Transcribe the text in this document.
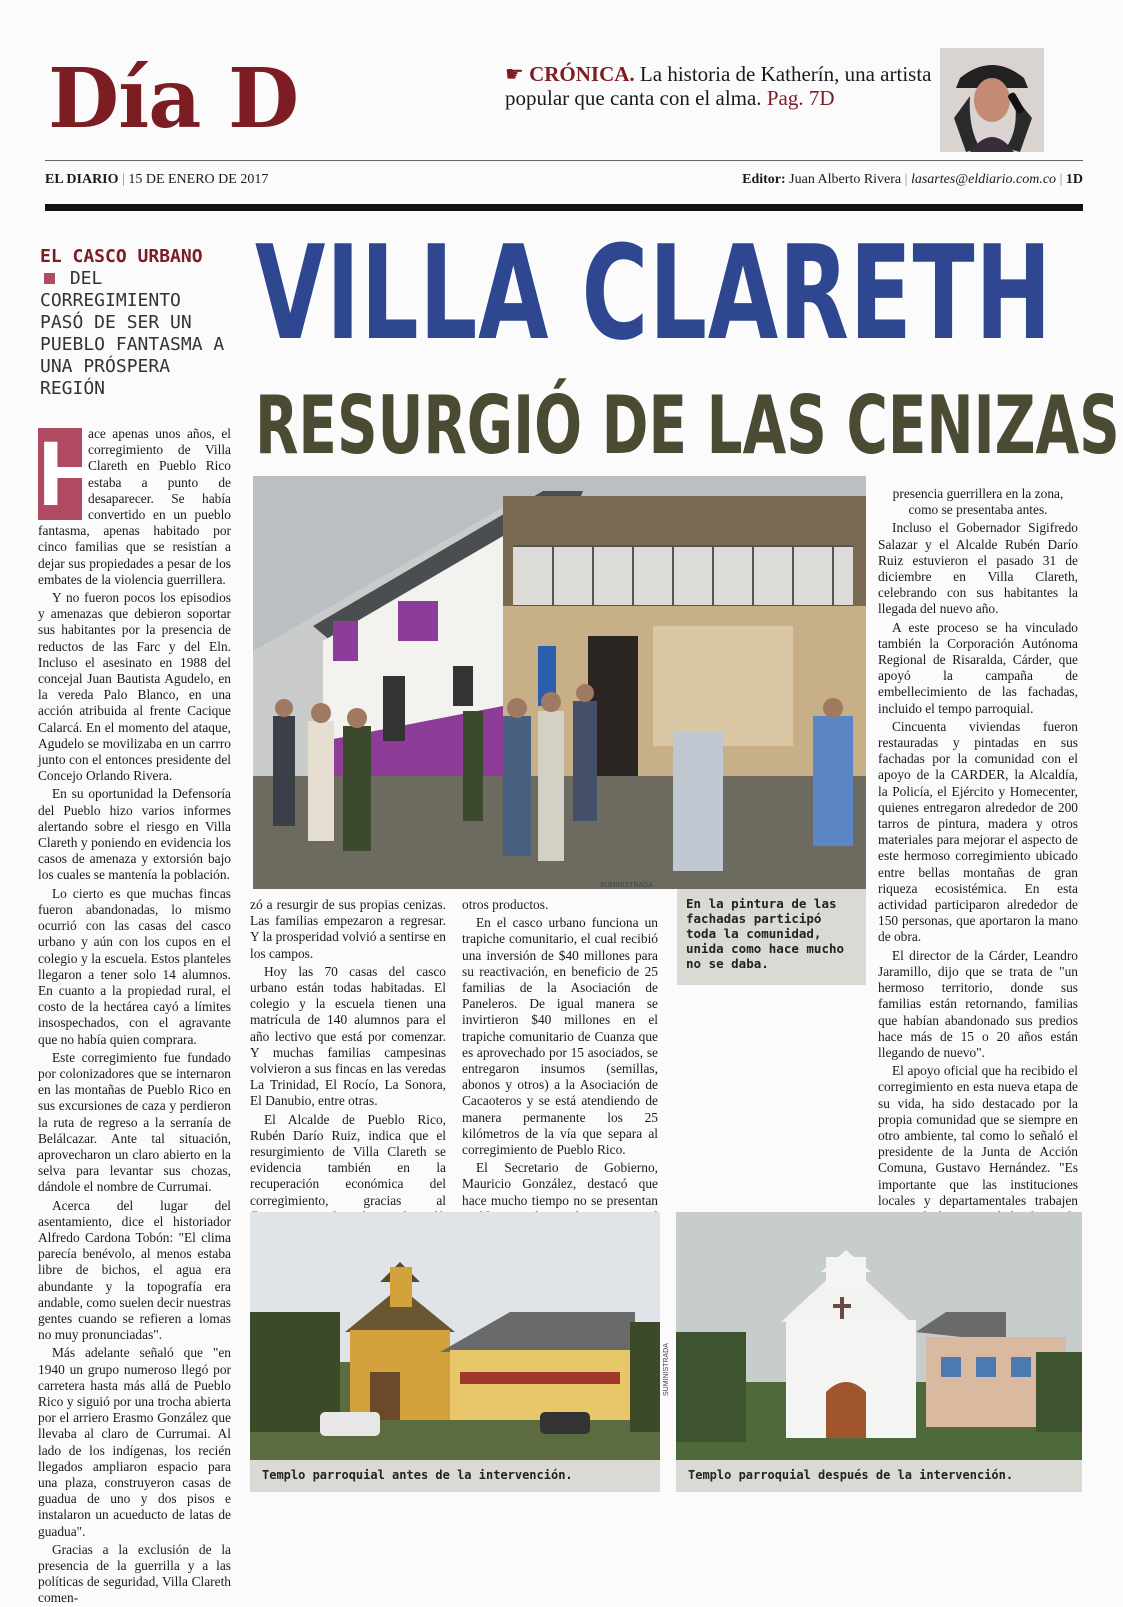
Día D	☛ CRÓNICA. La historia de Katherín, una artista popular que canta con el alma. Pag. 7D
EL DIARIO | 15 DE ENERO DE 2017	Editor: Juan Alberto Rivera | lasartes@eldiario.com.co | 1D
EL CASCO URBANO  DEL CORREGIMIENTO PASÓ DE SER UN PUEBLO FANTASMA A UNA PRÓSPERA REGIÓN
VILLA CLARETH
RESURGIÓ DE LAS CENIZAS
H

ace apenas unos años, el corregimiento de Villa Clareth en Pueblo Rico estaba a punto de desaparecer. Se había convertido en un pueblo fantasma, apenas habitado por cinco familias que se resistían a dejar sus propiedades a pesar de los embates de la violencia guerrillera.

Y no fueron pocos los episodios y amenazas que debieron soportar sus habitantes por la presencia de reductos de las Farc y del Eln. Incluso el asesinato en 1988 del concejal Juan Bautista Agudelo, en la vereda Palo Blanco, en una acción atribuida al frente Cacique Calarcá. En el momento del ataque, Agudelo se movilizaba en un carrro junto con el entonces presidente del Concejo Orlando Rivera.

En su oportunidad la Defensoría del Pueblo hizo varios informes alertando sobre el riesgo en Villa Clareth y poniendo en evidencia los casos de amenaza y extorsión bajo los cuales se mantenía la población.

Lo cierto es que muchas fincas fueron abandonadas, lo mismo ocurrió con las casas del casco urbano y aún con los cupos en el colegio y la escuela. Estos planteles llegaron a tener solo 14 alumnos. En cuanto a la propiedad rural, el costo de la hectárea cayó a límites insospechados, con el agravante que no había quien comprara.

Este corregimiento fue fundado por colonizadores que se internaron en las montañas de Pueblo Rico en sus excursiones de caza y perdieron la ruta de regreso a la serranía de Belálcazar. Ante tal situación, aprovecharon un claro abierto en la selva para levantar sus chozas, dándole el nombre de Currumai.

Acerca del lugar del asentamiento, dice el historiador Alfredo Cardona Tobón: "El clima parecía benévolo, al menos estaba libre de bichos, el agua era abundante y la topografía era andable, como suelen decir nuestras gentes cuando se refieren a lomas no muy pronunciadas".

Más adelante señaló que "en 1940 un grupo numeroso llegó por carretera hasta más allá de Pueblo Rico y siguió por una trocha abierta por el arriero Erasmo González que llevaba al claro de Currumai. Al lado de los indígenas, los recién llegados ampliaron espacio para una plaza, construyeron casas de guadua de uno y dos pisos e instalaron un acueducto de latas de guadua".

Gracias a la exclusión de la presencia de la guerrilla y a las políticas de seguridad, Villa Clareth comen-

SUMINISTRADA
En la pintura de las fachadas participó toda la comunidad, unida como hace mucho no se daba.

zó a resurgir de sus propias cenizas. Las familias empezaron a regresar. Y la prosperidad volvió a sentirse en los campos.

Hoy las 70 casas del casco urbano están todas habitadas. El colegio y la escuela tienen una matrícula de 140 alumnos para el año lectivo que está por comenzar. Y muchas familias campesinas volvieron a sus fincas en las veredas La Trinidad, El Rocío, La Sonora, El Danubio, entre otras.

El Alcalde de Pueblo Rico, Rubén Darío Ruiz, indica que el resurgimiento de Villa Clareth se evidencia también en la recuperación económica del corregimiento, gracias al

otros productos.

En el casco urbano funciona un trapiche comunitario, el cual recibió una inversión de $40 millones para su reactivación, en beneficio de 25 familias de la Asociación de Paneleros. De igual manera se invirtieron $40 millones en el trapiche comunitario de Cuanza que es aprovechado por 15 asociados, se entregaron insumos (semillas, abonos y otros) a la Asociación de Cacaoteros y se está atendiendo de manera permanente los 25 kilómetros de la vía que separa al corregimiento de Pueblo Rico.

El Secretario de Gobierno, Mauricio González, destacó que hace mucho tiempo no se presentan

presencia guerrillera en la zona, como se presentaba antes.

Incluso el Gobernador Sigifredo Salazar y el Alcalde Rubén Darío Ruiz estuvieron el pasado 31 de diciembre en Villa Clareth, celebrando con sus habitantes la llegada del nuevo año.

A este proceso se ha vinculado también la Corporación Autónoma Regional de Risaralda, Cárder, que apoyó la campaña de embellecimiento de las fachadas, incluido el tempo parroquial.

Cincuenta viviendas fueron restauradas y pintadas en sus fachadas por la comunidad con el apoyo de la CARDER, la Alcaldía, la Policía, el Ejército y Homecenter, quienes entregaron alrededor de 200 tarros de pintura, madera y otros materiales para mejorar el aspecto de este hermoso corregimiento ubicado entre bellas montañas de gran riqueza ecosistémica. En esta actividad participaron alrededor de 150 personas, que aportaron la mano de obra.

El director de la Cárder, Leandro Jaramillo, dijo que se trata de "un hermoso territorio, donde sus familias están retornando, familias que habían abandonado sus predios hace más de 15 o 20 años están llegando de nuevo".

El apoyo oficial que ha recibido el corregimiento en esta nueva etapa de su vida, ha sido destacado por la propia comunidad que se siempre en otro ambiente, tal como lo señaló el presidente de la Junta de Acción Comuna, Gustavo Hernández. "Es importante que las instituciones locales y departamentales trabajen

SUMINISTRADA
Templo parroquial antes de la intervención.	Templo parroquial después de la intervención.
